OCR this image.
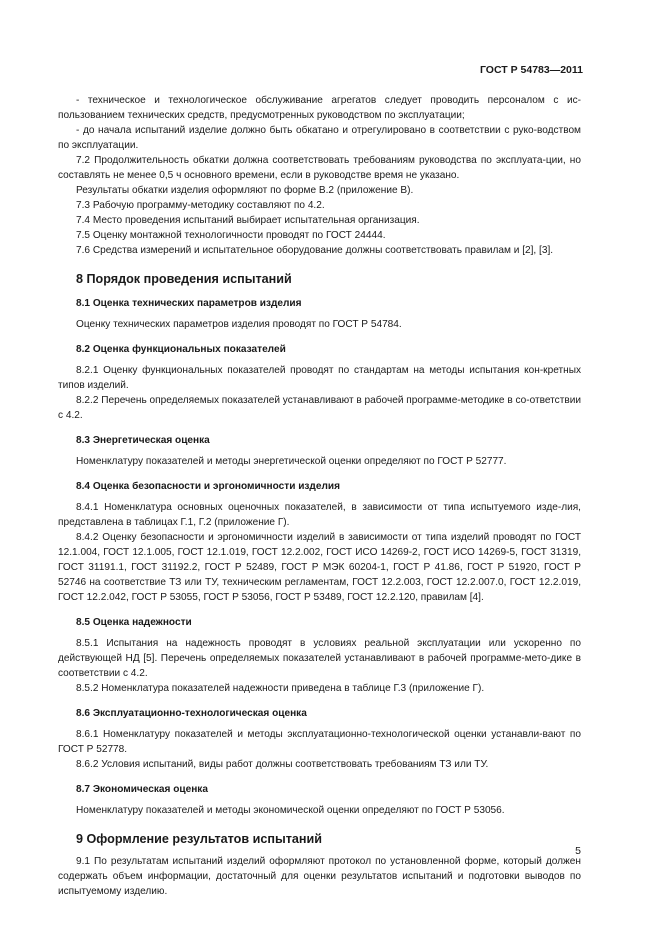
ГОСТ Р 54783—2011

- техническое и технологическое обслуживание агрегатов следует проводить персоналом с ис-пользованием технических средств, предусмотренных руководством по эксплуатации;

- до начала испытаний изделие должно быть обкатано и отрегулировано в соответствии с руко-водством по эксплуатации.

7.2 Продолжительность обкатки должна соответствовать требованиям руководства по эксплуата-ции, но составлять не менее 0,5 ч основного времени, если в руководстве время не указано.

Результаты обкатки изделия оформляют по форме В.2 (приложение В).

7.3 Рабочую программу-методику составляют по 4.2.

7.4 Место проведения испытаний выбирает испытательная организация.

7.5 Оценку монтажной технологичности проводят по ГОСТ 24444.

7.6 Средства измерений и испытательное оборудование должны соответствовать правилам и [2], [3].

8 Порядок проведения испытаний
8.1 Оценка технических параметров изделия

Оценку технических параметров изделия проводят по ГОСТ Р 54784.

8.2 Оценка функциональных показателей

8.2.1 Оценку функциональных показателей проводят по стандартам на методы испытания кон-кретных типов изделий.

8.2.2 Перечень определяемых показателей устанавливают в рабочей программе-методике в со-ответствии с 4.2.

8.3 Энергетическая оценка

Номенклатуру показателей и методы энергетической оценки определяют по ГОСТ Р 52777.

8.4 Оценка безопасности и эргономичности изделия

8.4.1 Номенклатура основных оценочных показателей, в зависимости от типа испытуемого изде-лия, представлена в таблицах Г.1, Г.2 (приложение Г).

8.4.2 Оценку безопасности и эргономичности изделий в зависимости от типа изделий проводят по ГОСТ 12.1.004, ГОСТ 12.1.005, ГОСТ 12.1.019, ГОСТ 12.2.002, ГОСТ ИСО 14269-2, ГОСТ ИСО 14269-5, ГОСТ 31319, ГОСТ 31191.1, ГОСТ 31192.2, ГОСТ Р 52489, ГОСТ Р МЭК 60204-1, ГОСТ Р 41.86, ГОСТ Р 51920, ГОСТ Р 52746 на соответствие ТЗ или ТУ, техническим регламентам, ГОСТ 12.2.003, ГОСТ 12.2.007.0, ГОСТ 12.2.019, ГОСТ 12.2.042, ГОСТ Р 53055, ГОСТ Р 53056, ГОСТ Р 53489, ГОСТ 12.2.120, правилам [4].

8.5 Оценка надежности

8.5.1 Испытания на надежность проводят в условиях реальной эксплуатации или ускоренно по действующей НД [5]. Перечень определяемых показателей устанавливают в рабочей программе-мето-дике в соответствии с 4.2.

8.5.2 Номенклатура показателей надежности приведена в таблице Г.3 (приложение Г).

8.6 Эксплуатационно-технологическая оценка

8.6.1 Номенклатуру показателей и методы эксплуатационно-технологической оценки устанавли-вают по ГОСТ Р 52778.

8.6.2 Условия испытаний, виды работ должны соответствовать требованиям ТЗ или ТУ.

8.7 Экономическая оценка

Номенклатуру показателей и методы экономической оценки определяют по ГОСТ Р 53056.

9 Оформление результатов испытаний

9.1 По результатам испытаний изделий оформляют протокол по установленной форме, который должен содержать объем информации, достаточный для оценки результатов испытаний и подготовки выводов по испытуемому изделию.

5
